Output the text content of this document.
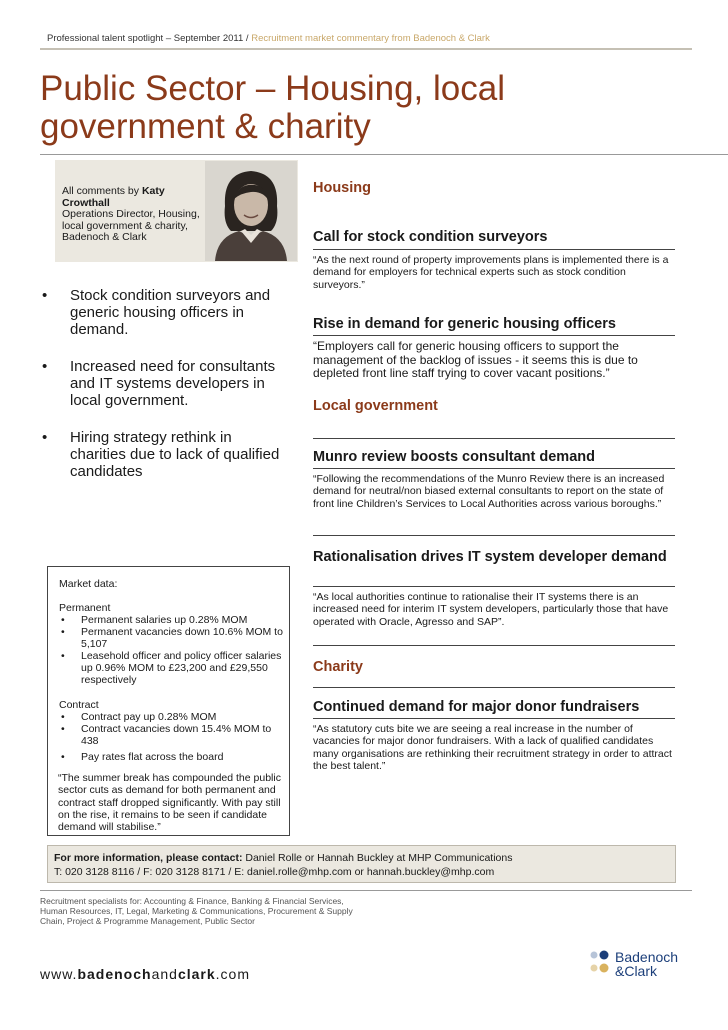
Professional talent spotlight – September 2011 / Recruitment market commentary from Badenoch & Clark
Public Sector – Housing, local government & charity
All comments by Katy Crowthall
Operations Director, Housing, local government & charity, Badenoch & Clark
• Stock condition surveyors and generic housing officers in demand.
• Increased need for consultants and IT systems developers in local government.
• Hiring strategy rethink in charities due to lack of qualified candidates
Market data:
Permanent
• Permanent salaries up 0.28% MOM
• Permanent vacancies down 10.6% MOM to 5,107
• Leasehold officer and policy officer salaries up 0.96% MOM to £23,200 and £29,550 respectively
Contract
• Contract pay up 0.28% MOM
• Contract vacancies down 15.4% MOM to 438
• Pay rates flat across the board
“The summer break has compounded the public sector cuts as demand for both permanent and contract staff dropped significantly. With pay still on the rise, it remains to be seen if candidate demand will stabilise.”
Housing
Call for stock condition surveyors
“As the next round of property improvements plans is implemented there is a demand for employers for technical experts such as stock condition surveyors.”
Rise in demand for generic housing officers
“Employers call for generic housing officers to support the management of the backlog of issues - it seems this is due to depleted front line staff trying to cover vacant positions.”
Local government
Munro review boosts consultant demand
“Following the recommendations of the Munro Review there is an increased demand for neutral/non biased external consultants to report on the state of front line Children’s Services to Local Authorities across various boroughs.”
Rationalisation drives IT system developer demand
“As local authorities continue to rationalise their IT systems there is an increased need for interim IT system developers, particularly those that have operated with Oracle, Agresso and SAP”.
Charity
Continued demand for major donor fundraisers
“As statutory cuts bite we are seeing a real increase in the number of vacancies for major donor fundraisers. With a lack of qualified candidates many organisations are rethinking their recruitment strategy in order to attract the best talent.”
For more information, please contact: Daniel Rolle or Hannah Buckley at MHP Communications
T: 020 3128 8116 / F: 020 3128 8171 / E: daniel.rolle@mhp.com or hannah.buckley@mhp.com
Recruitment specialists for: Accounting & Finance, Banking & Financial Services, Human Resources, IT, Legal, Marketing & Communications, Procurement & Supply Chain, Project & Programme Management, Public Sector
www.badenochandclark.com
Badenoch
&Clark
